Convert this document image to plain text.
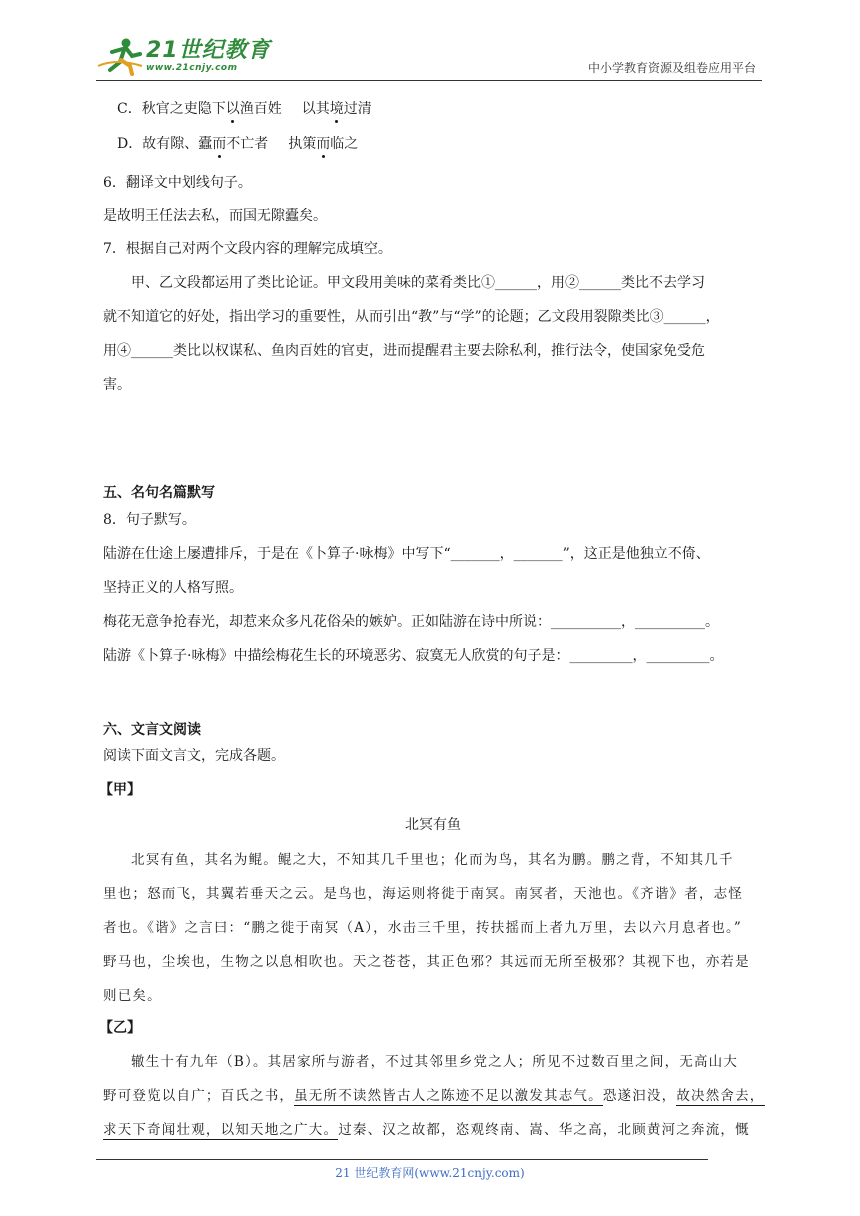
21世纪教育
www.21cnjy.com	中小学教育资源及组卷应用平台
C．秋官之吏隐下以渔百姓 以其境过清
D．故有隙、蠹而不亡者 执策而临之
6．翻译文中划线句子。
是故明王任法去私，而国无隙蠹矣。
7．根据自己对两个文段内容的理解完成填空。
甲、乙文段都运用了类比论证。甲文段用美味的菜肴类比①______，用②______类比不去学习
就不知道它的好处，指出学习的重要性，从而引出“教”与“学”的论题；乙文段用裂隙类比③______，
用④______类比以权谋私、鱼肉百姓的官吏，进而提醒君主要去除私利，推行法令，使国家免受危
害。
五、名句名篇默写
8．句子默写。
陆游在仕途上屡遭排斥，于是在《卜算子·咏梅》中写下“_______，_______”，这正是他独立不倚、
坚持正义的人格写照。
梅花无意争抢春光，却惹来众多凡花俗朵的嫉妒。正如陆游在诗中所说：__________，__________。
陆游《卜算子·咏梅》中描绘梅花生长的环境恶劣、寂寞无人欣赏的句子是：_________，_________。
六、文言文阅读
阅读下面文言文，完成各题。
【甲】
北冥有鱼
北冥有鱼，其名为鲲。鲲之大，不知其几千里也；化而为鸟，其名为鹏。鹏之背，不知其几千
里也；怒而飞，其翼若垂天之云。是鸟也，海运则将徙于南冥。南冥者，天池也。《齐谐》者，志怪
者也。《谐》之言曰：“鹏之徙于南冥（A），水击三千里，抟扶摇而上者九万里，去以六月息者也。”
野马也，尘埃也，生物之以息相吹也。天之苍苍，其正色邪？其远而无所至极邪？其视下也，亦若是
则已矣。
【乙】
辙生十有九年（B）。其居家所与游者，不过其邻里乡党之人；所见不过数百里之间，无高山大
野可登览以自广；百氏之书，虽无所不读然皆古人之陈迹不足以激发其志气。恐遂汩没，故决然舍去，
求天下奇闻壮观，以知天地之广大。过秦、汉之故都，恣观终南、嵩、华之高，北顾黄河之奔流，慨
21 世纪教育网(www.21cnjy.com)
